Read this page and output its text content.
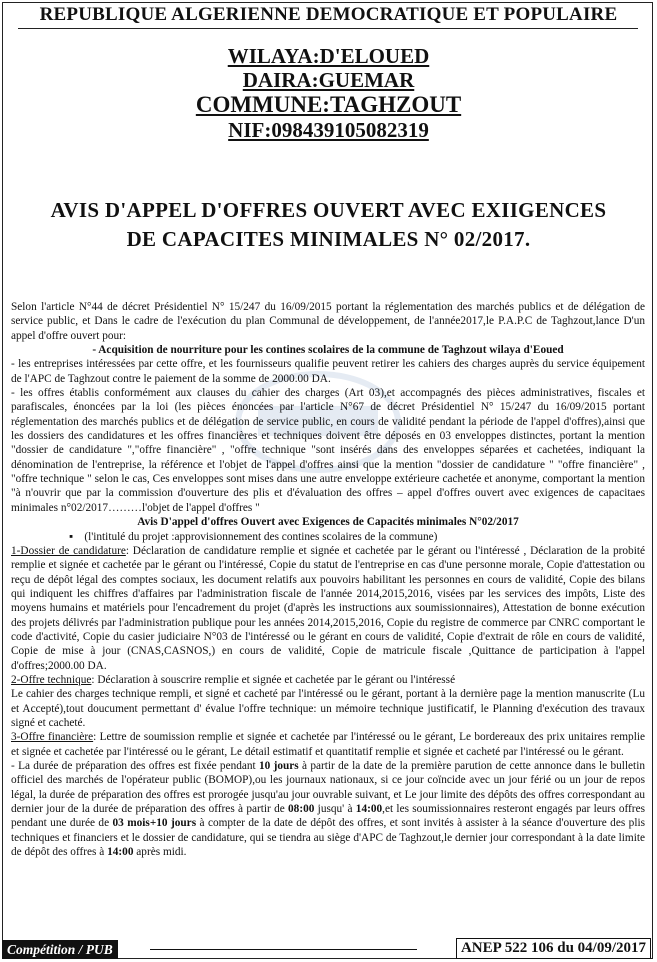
REPUBLIQUE ALGERIENNE DEMOCRATIQUE ET POPULAIRE
WILAYA:D'ELOUED
DAIRA:GUEMAR
COMMUNE:TAGHZOUT
NIF:09843910508231​9
AVIS D'APPEL D'OFFRES OUVERT AVEC EXIIGENCES
DE CAPACITES MINIMALES N° 02/2017.

Selon l'article N°44 de décret Présidentiel N° 15/247 du 16/09/2015 portant la réglementation des marchés publics et de délégation de service public, et Dans le cadre de l'exécution du plan Communal de développement, de l'année2017,le P.A.P.C de Taghzout,lance D'un appel d'offre ouvert pour:

- Acquisition de nourriture pour les contines scolaires de la commune de Taghzout wilaya d'Eoued

- les entreprises intéressées par cette offre, et les fournisseurs qualifie peuvent retirer les cahiers des charges auprès du service équipement de l'APC de Taghzout contre le paiement de la somme de 2000.00 DA.

- les offres établis conformément aux clauses du cahier des charges (Art 03),et accompagnés des pièces administratives, fiscales et parafiscales, énoncées par la loi (les pièces énoncées par l'article N°67 de décret Présidentiel N° 15/247 du 16/09/2015 portant réglementation des marchés publics et de délégation de service public, en cours de validité pendant la période de l'appel d'offres),ainsi que les dossiers des candidatures et les offres financières et techniques doivent être déposés en 03 enveloppes distinctes, portant la mention "dossier de candidature ","offre financière" , "offre technique "sont insérés dans des enveloppes séparées et cachetées, indiquant la dénomination de l'entreprise, la référence et l'objet de l'appel d'offres ainsi que la mention "dossier de candidature " "offre financière" , "offre technique " selon le cas, Ces enveloppes sont mises dans une autre enveloppe extérieure cachetée et anonyme, comportant la mention "à n'ouvrir que par la commission d'ouverture des plis et d'évaluation des offres – appel d'offres ouvert avec exigences de capacitaes minimales n°02/2017………l'objet de l'appel d'offres "

Avis D'appel d'offres Ouvert avec Exigences de Capacités minimales N°02/2017

▪    (l'intitulé du projet :approvisionnement des contines scolaires de la commune)

1-Dossier de candidature: Déclaration de candidature remplie et signée et cachetée par le gérant ou l'intéressé , Déclaration de la probité remplie et signée et cachetée par le gérant ou l'intéressé, Copie du statut de l'entreprise en cas d'une personne morale, Copie d'attestation ou reçu de dépôt légal des comptes sociaux, les document relatifs aux pouvoirs habilitant les personnes en cours de validité, Copie des bilans qui indiquent les chiffres d'affaires par l'administration fiscale de l'année 2014,2015,2016, visées par les services des impôts, Liste des moyens humains et matériels pour l'encadrement du projet (d'après les instructions aux soumissionnaires), Attestation de bonne exécution des projets délivrés par l'administration publique pour les années 2014,2015,2016, Copie du registre de commerce par CNRC comportant le code d'activité, Copie du casier judiciaire N°03 de l'intéressé ou le gérant en cours de validité, Copie d'extrait de rôle en cours de validité, Copie de mise à jour (CNAS,CASNOS,) en cours de validité, Copie de matricule fiscale ,Quittance de participation à l'appel d'offres;2000.00 DA.

2-Offre technique: Déclaration à souscrire remplie et signée et cachetée par le gérant ou l'intéressé

Le cahier des charges technique rempli, et signé et cacheté par l'intéressé ou le gérant, portant à la dernière page la mention manuscrite (Lu et Accepté),tout doucument permettant d' évalue l'offre technique: un mémoire technique justificatif, le Planning d'exécution des travaux signé et cacheté.

3-Offre financière: Lettre de soumission remplie et signée et cachetée par l'intéressé ou le gérant, Le bordereaux des prix unitaires remplie et signée et cachetée par l'intéressé ou le gérant, Le détail estimatif et quantitatif remplie et signée et cacheté par l'intéressé ou le gérant.

- La durée de préparation des offres est fixée pendant 10 jours à partir de la date de la première parution de cette annonce dans le bulletin officiel des marchés de l'opérateur public (BOMOP),ou les journaux nationaux, si ce jour coïncide avec un jour férié ou un jour de repos légal, la durée de préparation des offres est prorogée jusqu'au jour ouvrable suivant, et Le jour limite des dépôts des offres correspondant au dernier jour de la durée de préparation des offres à partir de 08:00 jusqu' à 14:00,et les soumissionnaires resteront engagés par leurs offres pendant une durée de 03 mois+10 jours à compter de la date de dépôt des offres, et sont invités à assister à la séance d'ouverture des plis techniques et financiers et le dossier de candidature, qui se tiendra au siège d'APC de Taghzout,le dernier jour correspondant à la date limite de dépôt des offres à 14:00 après midi.

Compétition / PUB	ANEP 522 106 du 04/09/2017
